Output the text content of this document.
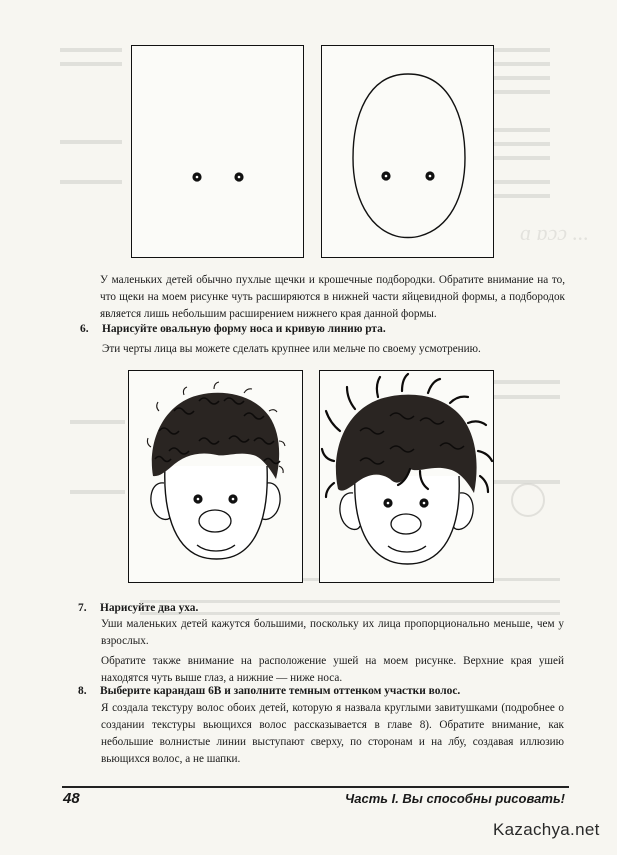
ɑ ɒɔɔ ...
У маленьких детей обычно пухлые щечки и крошечные подбородки. Обратите внимание на то, что щеки на моем рисунке чуть расширяются в нижней части яйцевидной формы, а подбородок является лишь небольшим расширением нижнего края данной формы.
6. Нарисуйте овальную форму носа и кривую линию рта.
Эти черты лица вы можете сделать крупнее или мельче по своему усмотрению.
7. Нарисуйте два уха.
Уши маленьких детей кажутся большими, поскольку их лица пропорционально меньше, чем у взрослых.
Обратите также внимание на расположение ушей на моем рисунке. Верхние края ушей находятся чуть выше глаз, а нижние — ниже носа.
8. Выберите карандаш 6В и заполните темным оттенком участки волос.
Я создала текстуру волос обоих детей, которую я назвала круглыми завитушками (подробнее о создании текстуры вьющихся волос рассказывается в главе 8). Обратите внимание, как небольшие волнистые линии выступают сверху, по сторонам и на лбу, создавая иллюзию вьющихся волос, а не шапки.
48	Часть I. Вы способны рисовать!
Kazachya.net
